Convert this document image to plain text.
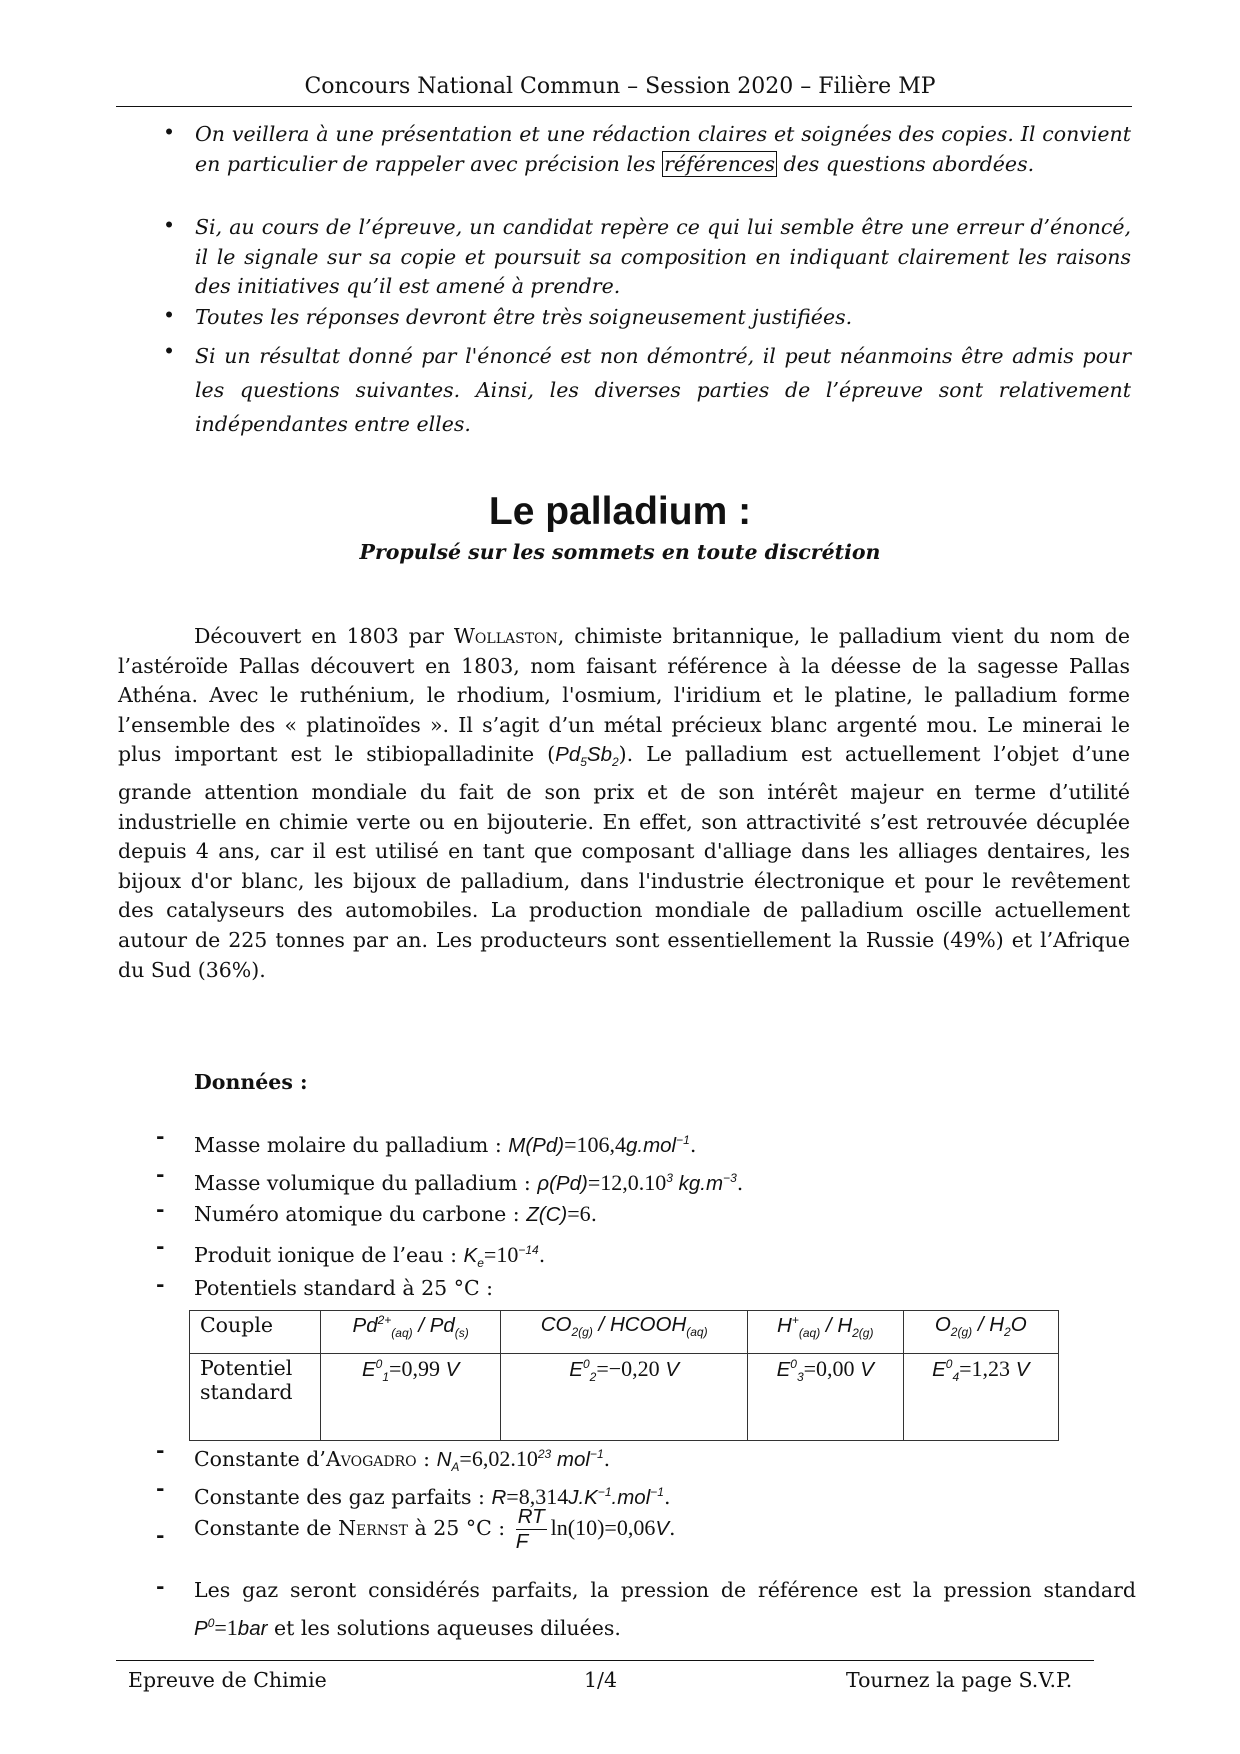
Concours National Commun – Session 2020 – Filière MP
• On veillera à une présentation et une rédaction claires et soignées des copies. Il convient en particulier de rappeler avec précision les références des questions abordées.
• Si, au cours de l’épreuve, un candidat repère ce qui lui semble être une erreur d’énoncé, il le signale sur sa copie et poursuit sa composition en indiquant clairement les raisons des initiatives qu’il est amené à prendre.
• Toutes les réponses devront être très soigneusement justifiées.
• Si un résultat donné par l'énoncé est non démontré, il peut néanmoins être admis pour les questions suivantes. Ainsi, les diverses parties de l’épreuve sont relativement indépendantes entre elles.
Le palladium :
Propulsé sur les sommets en toute discrétion
Découvert en 1803 par Wollaston, chimiste britannique, le palladium vient du nom de l’astéroïde Pallas découvert en 1803, nom faisant référence à la déesse de la sagesse Pallas Athéna. Avec le ruthénium, le rhodium, l'osmium, l'iridium et le platine, le palladium forme l’ensemble des « platinoïdes ». Il s’agit d’un métal précieux blanc argenté mou. Le minerai le plus important est le stibiopalladinite $(Pd_5Sb_2)$. Le palladium est actuellement l’objet d’une grande attention mondiale du fait de son prix et de son intérêt majeur en terme d’utilité industrielle en chimie verte ou en bijouterie. En effet, son attractivité s’est retrouvée décuplée depuis 4 ans, car il est utilisé en tant que composant d'alliage dans les alliages dentaires, les bijoux d'or blanc, les bijoux de palladium, dans l'industrie électronique et pour le revêtement des catalyseurs des automobiles. La production mondiale de palladium oscille actuellement autour de 225 tonnes par an. Les producteurs sont essentiellement la Russie (49%) et l’Afrique du Sud (36%).
Données :
- Masse molaire du palladium : M(Pd)=106,4g.mol$^{-1}$.
- Masse volumique du palladium : $\rho(Pd)=12,0.10^3$ $kg.m^{-3}$.
- Numéro atomique du carbone : Z(C)=6.
- Produit ionique de l’eau : $K_e=10^{-14}$.
- Potentiels standard à 25 °C :
Couple	$Pd^{2+}_{(aq)} / Pd_{(s)}$	$CO_{2(g)}$ / $HCOOH_{(aq)}$	$H^+_{(aq)} / H_{2(g)}$	$O_{2(g)} / H_2O$
Potentiel
standard	$E^0_1=0,99$ V	$E^0_2=-0,20$ V	$E^0_3=0,00$ V	$E^0_4=1,23$ V
- Constante d’Avogadro : $N_A=6,02.10^{23}$ mol$^{-1}$.
- Constante des gaz parfaits : $R=8,314J.K^{-1}.mol^{-1}$.
- Constante de Nernst à 25 °C : $\frac{RT}{F} \ln(10)=0,06V$.
- Les gaz seront considérés parfaits, la pression de référence est la pression standard $P^0=1bar$ et les solutions aqueuses diluées.
Epreuve de Chimie	1/4	Tournez la page S.V.P.
